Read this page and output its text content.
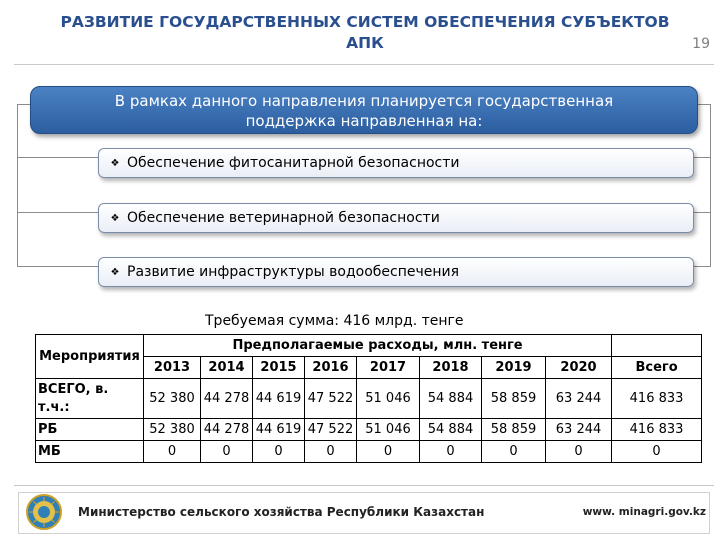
РАЗВИТИЕ ГОСУДАРСТВЕННЫХ СИСТЕМ ОБЕСПЕЧЕНИЯ СУБЪЕКТОВ
АПК	19
В рамках данного направления планируется государственная
поддержка направленная на:
❖ Обеспечение фитосанитарной безопасности
❖ Обеспечение ветеринарной безопасности
❖ Развитие инфраструктуры водообеспечения
Требуемая сумма: 416 млрд. тенге
Мероприятия	Предполагаемые расходы, млн. тенге								
	2013	2014	2015	2016	2017	2018	2019	2020	Всего
ВСЕГО, в. т.ч.:	52 380	44 278	44 619	47 522	51 046	54 884	58 859	63 244	416 833
РБ	52 380	44 278	44 619	47 522	51 046	54 884	58 859	63 244	416 833
МБ	0	0	0	0	0	0	0	0	0
Министерство сельского хозяйства Республики Казахстан	www. minagri.gov.kz
